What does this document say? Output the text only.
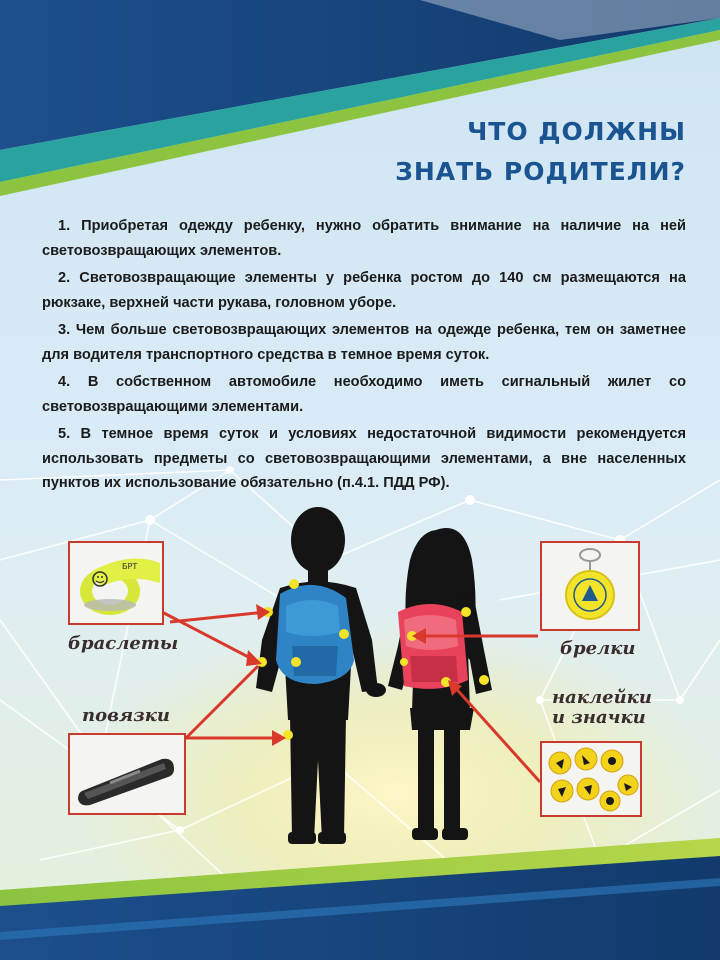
ЧТО ДОЛЖНЫ
ЗНАТЬ РОДИТЕЛИ?

1. Приобретая одежду ребенку, нужно обратить внимание на наличие на ней световозвращающих элементов.

2. Световозвращающие элементы у ребенка ростом до 140 см размещаются на рюкзаке, верхней части рукава, головном уборе.

3. Чем больше световозвращающих элементов на одежде ребенка, тем он заметнее для водителя транспортного средства в темное время суток.

4. В собственном автомобиле необходимо иметь сигнальный жилет со световозвращающими элементами.

5. В темное время суток и условиях недостаточной видимости рекомендуется использовать предметы со световозвращающими элементами, а вне населенных пунктов их использование обязательно (п.4.1. ПДД РФ).

БРТ
браслеты
повязки
брелки
наклейки
и значки
